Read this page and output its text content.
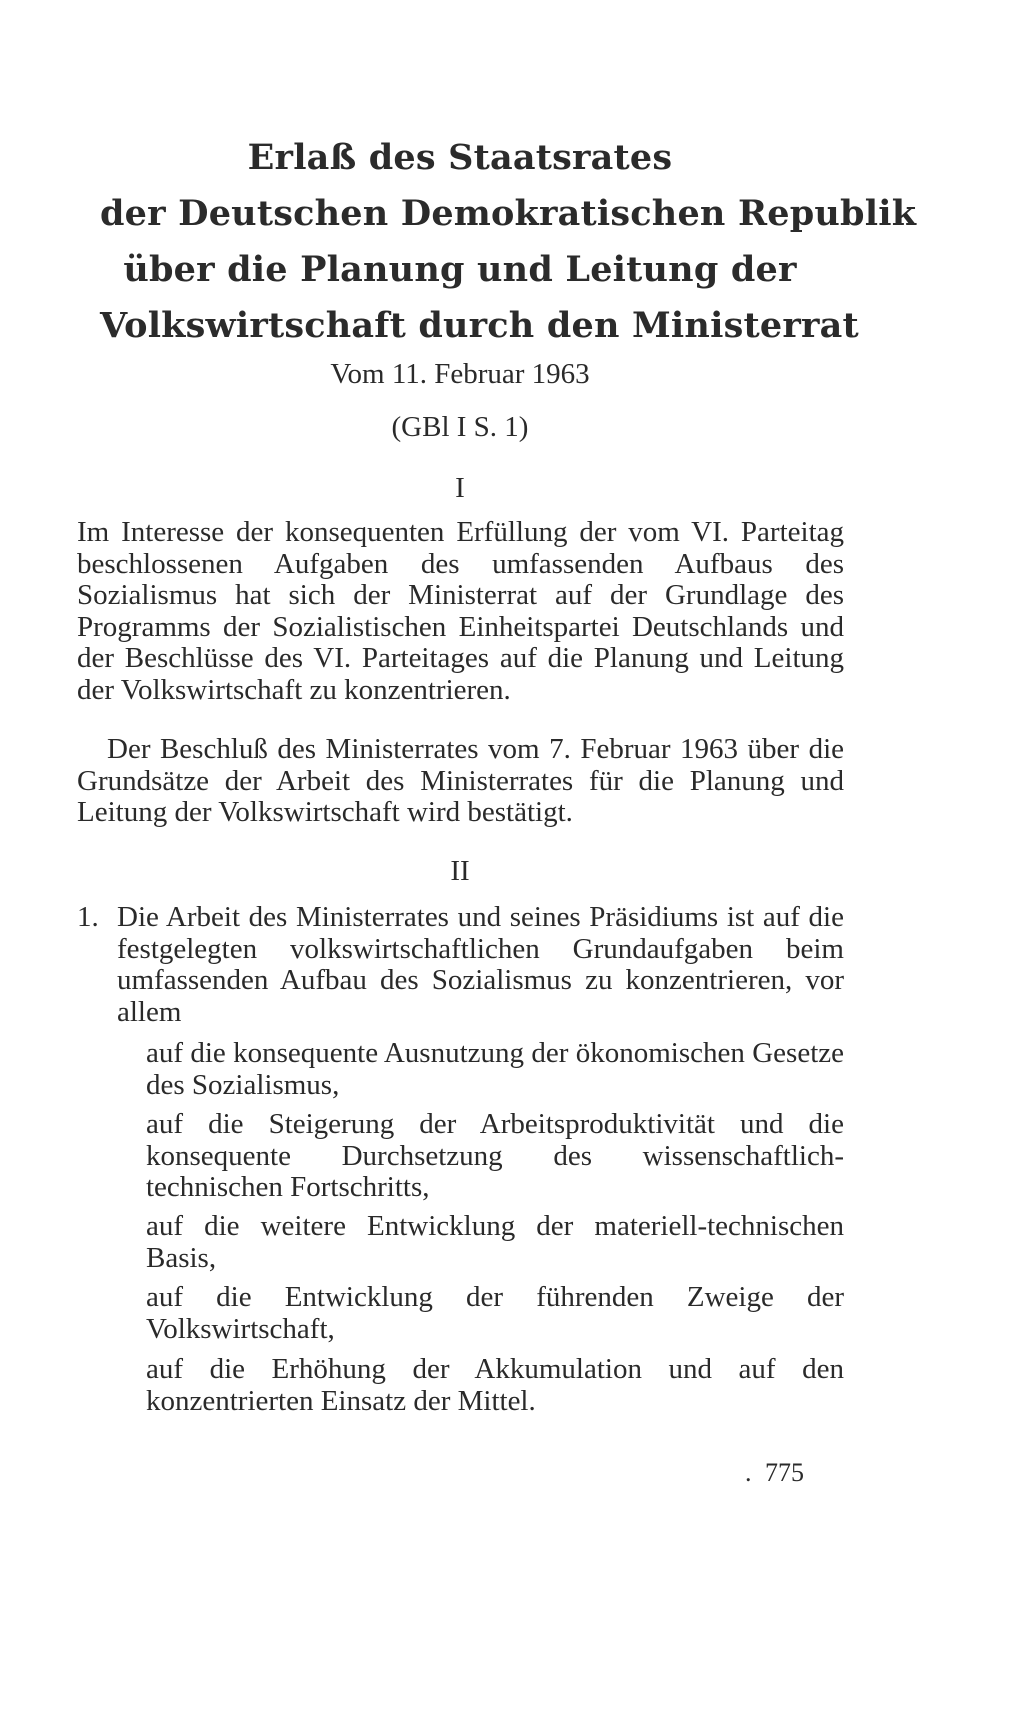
Erlaß des Staatsrates
der Deutschen Demokratischen Republik
über die Planung und Leitung der
Volkswirtschaft durch den Ministerrat
Vom 11. Februar 1963
(GBl I S. 1)
I
Im Interesse der konsequenten Erfüllung der vom VI. Parteitag beschlossenen Aufgaben des umfassenden Aufbaus des Sozialismus hat sich der Ministerrat auf der Grundlage des Programms der Sozialistischen Einheitspartei Deutschlands und der Beschlüsse des VI. Parteitages auf die Planung und Leitung der Volkswirtschaft zu konzentrieren.
Der Beschluß des Ministerrates vom 7. Februar 1963 über die Grundsätze der Arbeit des Ministerrates für die Planung und Leitung der Volkswirtschaft wird bestätigt.
II
1. Die Arbeit des Ministerrates und seines Präsidiums ist auf die festgelegten volkswirtschaftlichen Grundaufgaben beim umfassenden Aufbau des Sozialismus zu konzentrieren, vor allem
auf die konsequente Ausnutzung der ökonomischen Gesetze des Sozialismus,
auf die Steigerung der Arbeitsproduktivität und die konsequente Durchsetzung des wissenschaftlich-technischen Fortschritts,
auf die weitere Entwicklung der materiell-technischen Basis,
auf die Entwicklung der führenden Zweige der Volkswirtschaft,
auf die Erhöhung der Akkumulation und auf den konzentrierten Einsatz der Mittel.
. 775
